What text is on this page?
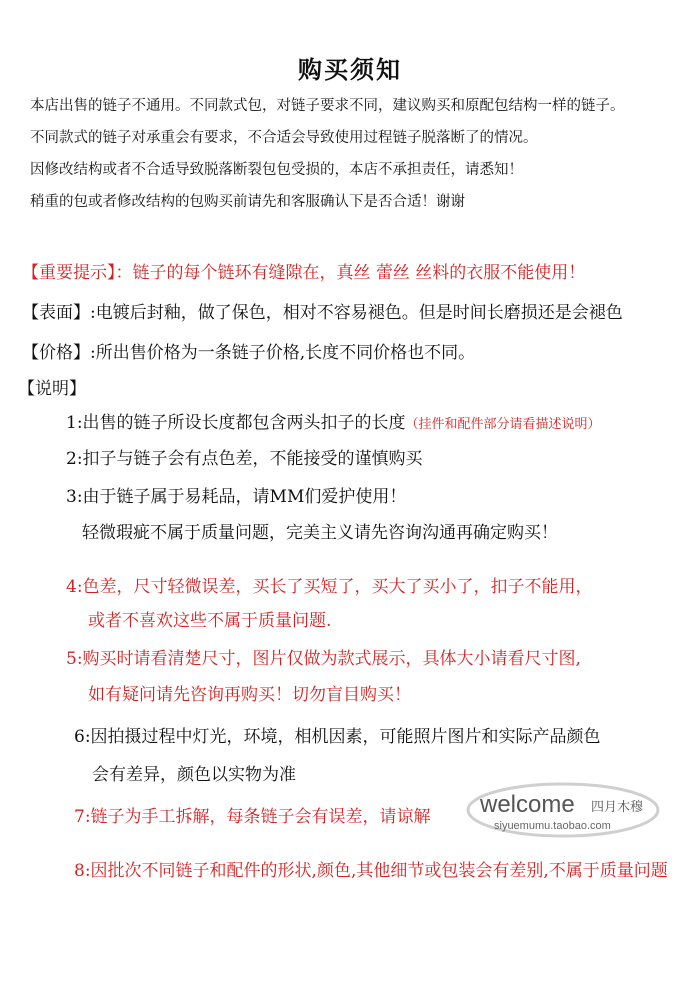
购买须知
本店出售的链子不通用。不同款式包，对链子要求不同，建议购买和原配包结构一样的链子。
不同款式的链子对承重会有要求，不合适会导致使用过程链子脱落断了的情况。
因修改结构或者不合适导致脱落断裂包包受损的，本店不承担责任，请悉知！
稍重的包或者修改结构的包购买前请先和客服确认下是否合适！谢谢
【重要提示】：链子的每个链环有缝隙在，真丝 蕾丝 丝料的衣服不能使用！
【表面】:电镀后封釉，做了保色，相对不容易褪色。但是时间长磨损还是会褪色
【价格】:所出售价格为一条链子价格,长度不同价格也不同。
【说明】
1:出售的链子所设长度都包含两头扣子的长度（挂件和配件部分请看描述说明）
2:扣子与链子会有点色差，不能接受的谨慎购买
3:由于链子属于易耗品，请MM们爱护使用！
轻微瑕疵不属于质量问题，完美主义请先咨询沟通再确定购买！
4:色差，尺寸轻微误差，买长了买短了，买大了买小了，扣子不能用，
或者不喜欢这些不属于质量问题.
5:购买时请看清楚尺寸，图片仅做为款式展示，具体大小请看尺寸图,
如有疑问请先咨询再购买！切勿盲目购买！
6:因拍摄过程中灯光，环境，相机因素，可能照片图片和实际产品颜色
会有差异，颜色以实物为准
7:链子为手工拆解，每条链子会有误差，请谅解
8:因批次不同链子和配件的形状,颜色,其他细节或包装会有差别,不属于质量问题
welcome 四月木穆
siyuemumu.taobao.com
